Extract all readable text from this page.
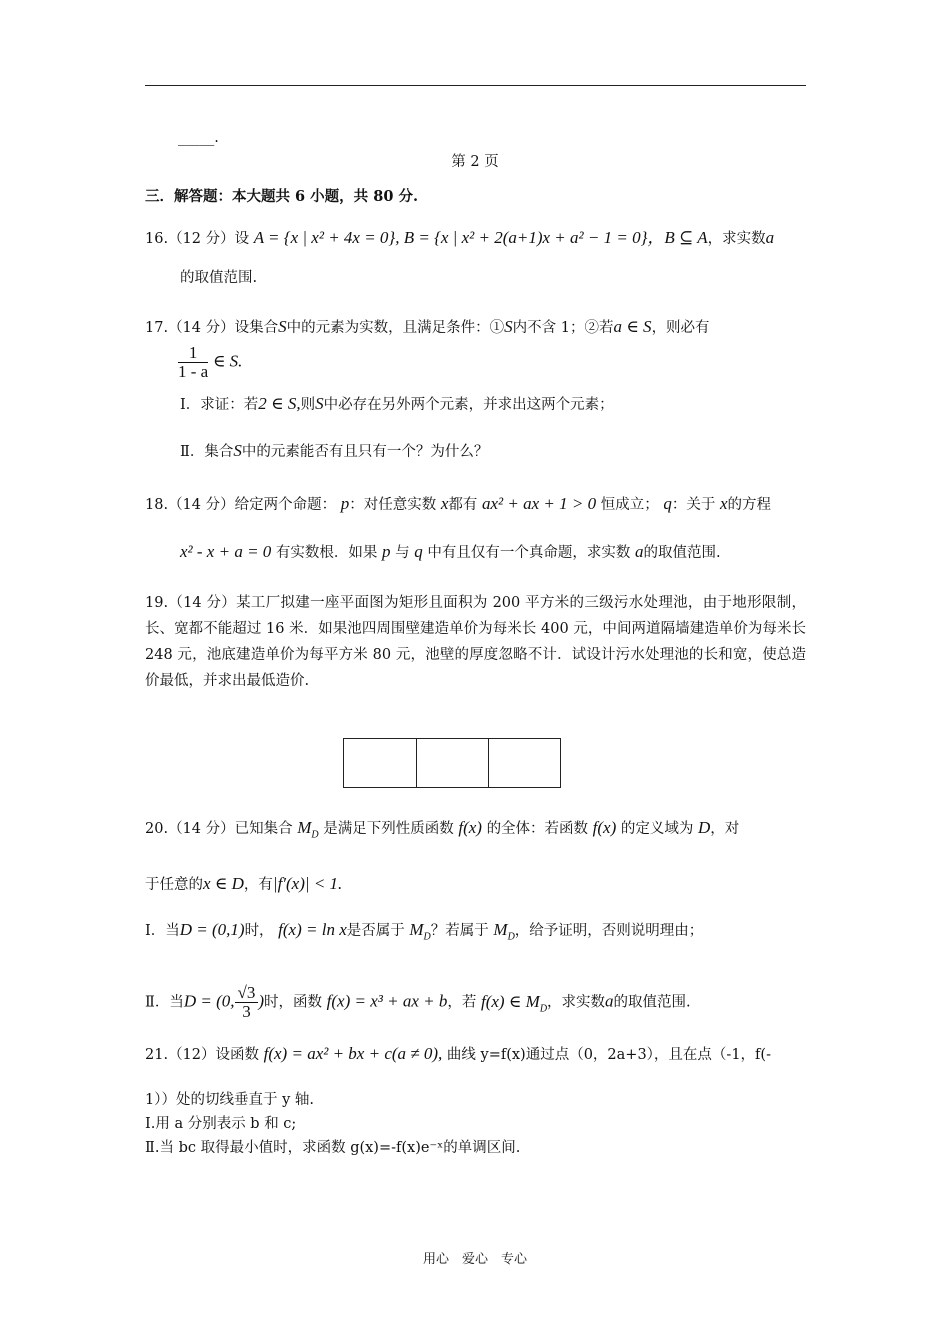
_____.
第 2 页
三．解答题：本大题共 6 小题，共 80 分.
16.（12 分）设 A = {x | x² + 4x = 0}, B = {x | x² + 2(a+1)x + a² − 1 = 0}，B ⊆ A，求实数a
的取值范围.
17.（14 分）设集合S中的元素为实数，且满足条件：①S内不含 1；②若a ∈ S，则必有
$\frac{1}{1 - a}$ ∈ S.
Ⅰ．求证：若2 ∈ S,则S中必存在另外两个元素，并求出这两个元素；
Ⅱ．集合S中的元素能否有且只有一个？为什么？
18.（14 分）给定两个命题： p：对任意实数 x都有 ax² + ax + 1 > 0 恒成立； q：关于 x的方程
x² - x + a = 0 有实数根．如果 p 与 q 中有且仅有一个真命题，求实数 a的取值范围.
19.（14 分）某工厂拟建一座平面图为矩形且面积为 200 平方米的三级污水处理池，由于地形限制，长、宽都不能超过 16 米．如果池四周围壁建造单价为每米长 400 元，中间两道隔墙建造单价为每米长 248 元，池底建造单价为每平方米 80 元，池壁的厚度忽略不计．试设计污水处理池的长和宽，使总造价最低，并求出最低造价.
20.（14 分）已知集合 $M_D$ 是满足下列性质函数 f(x) 的全体：若函数 f(x) 的定义域为 D，对
于任意的x ∈ D，有|f′(x)| < 1.
Ⅰ．当D = (0,1)时， f(x) = ln x是否属于 $M_D$？若属于 $M_D$，给予证明，否则说明理由；
Ⅱ．当D = (0, $\frac{√3}{3}$ )时，函数 f(x) = x³ + ax + b，若 f(x) ∈ $M_D$，求实数a的取值范围.
21.（12）设函数 f(x) = ax² + bx + c(a ≠ 0), 曲线 y=f(x)通过点（0，2a+3），且在点（-1，f(-
1））处的切线垂直于 y 轴.
Ⅰ.用 a 分别表示 b 和 c;
Ⅱ.当 bc 取得最小值时，求函数 g(x)=-f(x)e⁻ˣ的单调区间.
用心　爱心　专心
